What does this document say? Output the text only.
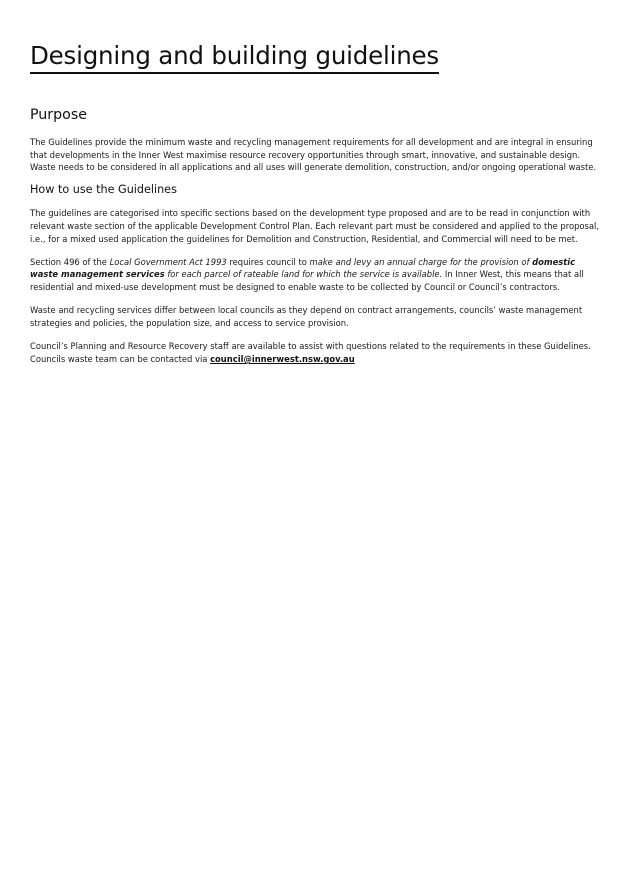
Designing and building guidelines
Purpose

The Guidelines provide the minimum waste and recycling management requirements for all development and are integral in ensuring that developments in the Inner West maximise resource recovery opportunities through smart, innovative, and sustainable design. Waste needs to be considered in all applications and all uses will generate demolition, construction, and/or ongoing operational waste.

How to use the Guidelines

The guidelines are categorised into specific sections based on the development type proposed and are to be read in conjunction with relevant waste section of the applicable Development Control Plan. Each relevant part must be considered and applied to the proposal, i.e., for a mixed used application the guidelines for Demolition and Construction, Residential, and Commercial will need to be met.

Section 496 of the Local Government Act 1993 requires council to make and levy an annual charge for the provision of domestic waste management services for each parcel of rateable land for which the service is available. In Inner West, this means that all residential and mixed-use development must be designed to enable waste to be collected by Council or Council’s contractors.

Waste and recycling services differ between local councils as they depend on contract arrangements, councils’ waste management strategies and policies, the population size, and access to service provision.

Council’s Planning and Resource Recovery staff are available to assist with questions related to the requirements in these Guidelines. Councils waste team can be contacted via council@innerwest.nsw.gov.au
